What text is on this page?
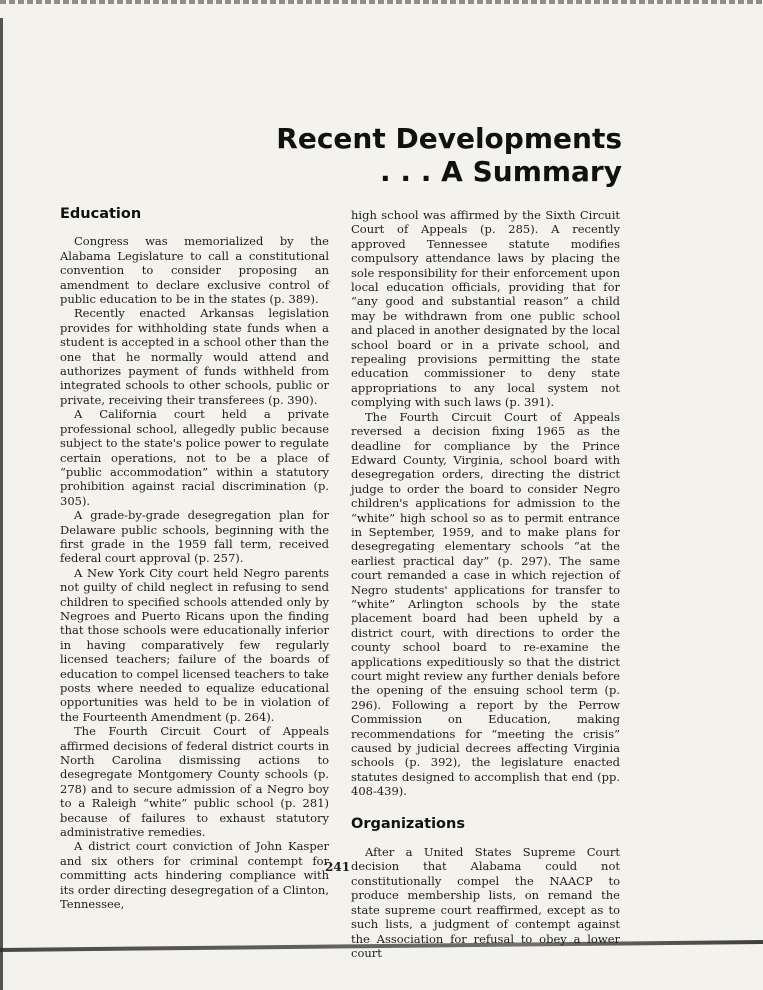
Recent Developments
. . . A Summary
Education

Congress was memorialized by the Alabama Legislature to call a constitutional convention to consider proposing an amendment to declare exclusive control of public education to be in the states (p. 389).

Recently enacted Arkansas legislation provides for withholding state funds when a student is accepted in a school other than the one that he normally would attend and authorizes payment of funds withheld from integrated schools to other schools, public or private, receiving their transferees (p. 390).

A California court held a private professional school, allegedly public because subject to the state's police power to regulate certain operations, not to be a place of “public accommodation” within a statutory prohibition against racial discrimination (p. 305).

A grade-by-grade desegregation plan for Delaware public schools, beginning with the first grade in the 1959 fall term, received federal court approval (p. 257).

A New York City court held Negro parents not guilty of child neglect in refusing to send children to specified schools attended only by Negroes and Puerto Ricans upon the finding that those schools were educationally inferior in having comparatively few regularly licensed teachers; failure of the boards of education to compel licensed teachers to take posts where needed to equalize educational opportunities was held to be in violation of the Fourteenth Amendment (p. 264).

The Fourth Circuit Court of Appeals affirmed decisions of federal district courts in North Carolina dismissing actions to desegregate Montgomery County schools (p. 278) and to secure admission of a Negro boy to a Raleigh “white” public school (p. 281) because of failures to exhaust statutory administrative remedies.

A district court conviction of John Kasper and six others for criminal contempt for committing acts hindering compliance with its order directing desegregation of a Clinton, Tennessee,

high school was affirmed by the Sixth Circuit Court of Appeals (p. 285). A recently approved Tennessee statute modifies compulsory attendance laws by placing the sole responsibility for their enforcement upon local education officials, providing that for “any good and substantial reason” a child may be withdrawn from one public school and placed in another designated by the local school board or in a private school, and repealing provisions permitting the state education commissioner to deny state appropriations to any local system not complying with such laws (p. 391).

The Fourth Circuit Court of Appeals reversed a decision fixing 1965 as the deadline for compliance by the Prince Edward County, Virginia, school board with desegregation orders, directing the district judge to order the board to consider Negro children's applications for admission to the “white” high school so as to permit entrance in September, 1959, and to make plans for desegregating elementary schools “at the earliest practical day” (p. 297). The same court remanded a case in which rejection of Negro students' applications for transfer to “white” Arlington schools by the state placement board had been upheld by a district court, with directions to order the county school board to re-examine the applications expeditiously so that the district court might review any further denials before the opening of the ensuing school term (p. 296). Following a report by the Perrow Commission on Education, making recommendations for “meeting the crisis” caused by judicial decrees affecting Virginia schools (p. 392), the legislature enacted statutes designed to accomplish that end (pp. 408-439).

Organizations

After a United States Supreme Court decision that Alabama could not constitutionally compel the NAACP to produce membership lists, on remand the state supreme court reaffirmed, except as to such lists, a judgment of contempt against the Association for refusal to obey a lower court

241
